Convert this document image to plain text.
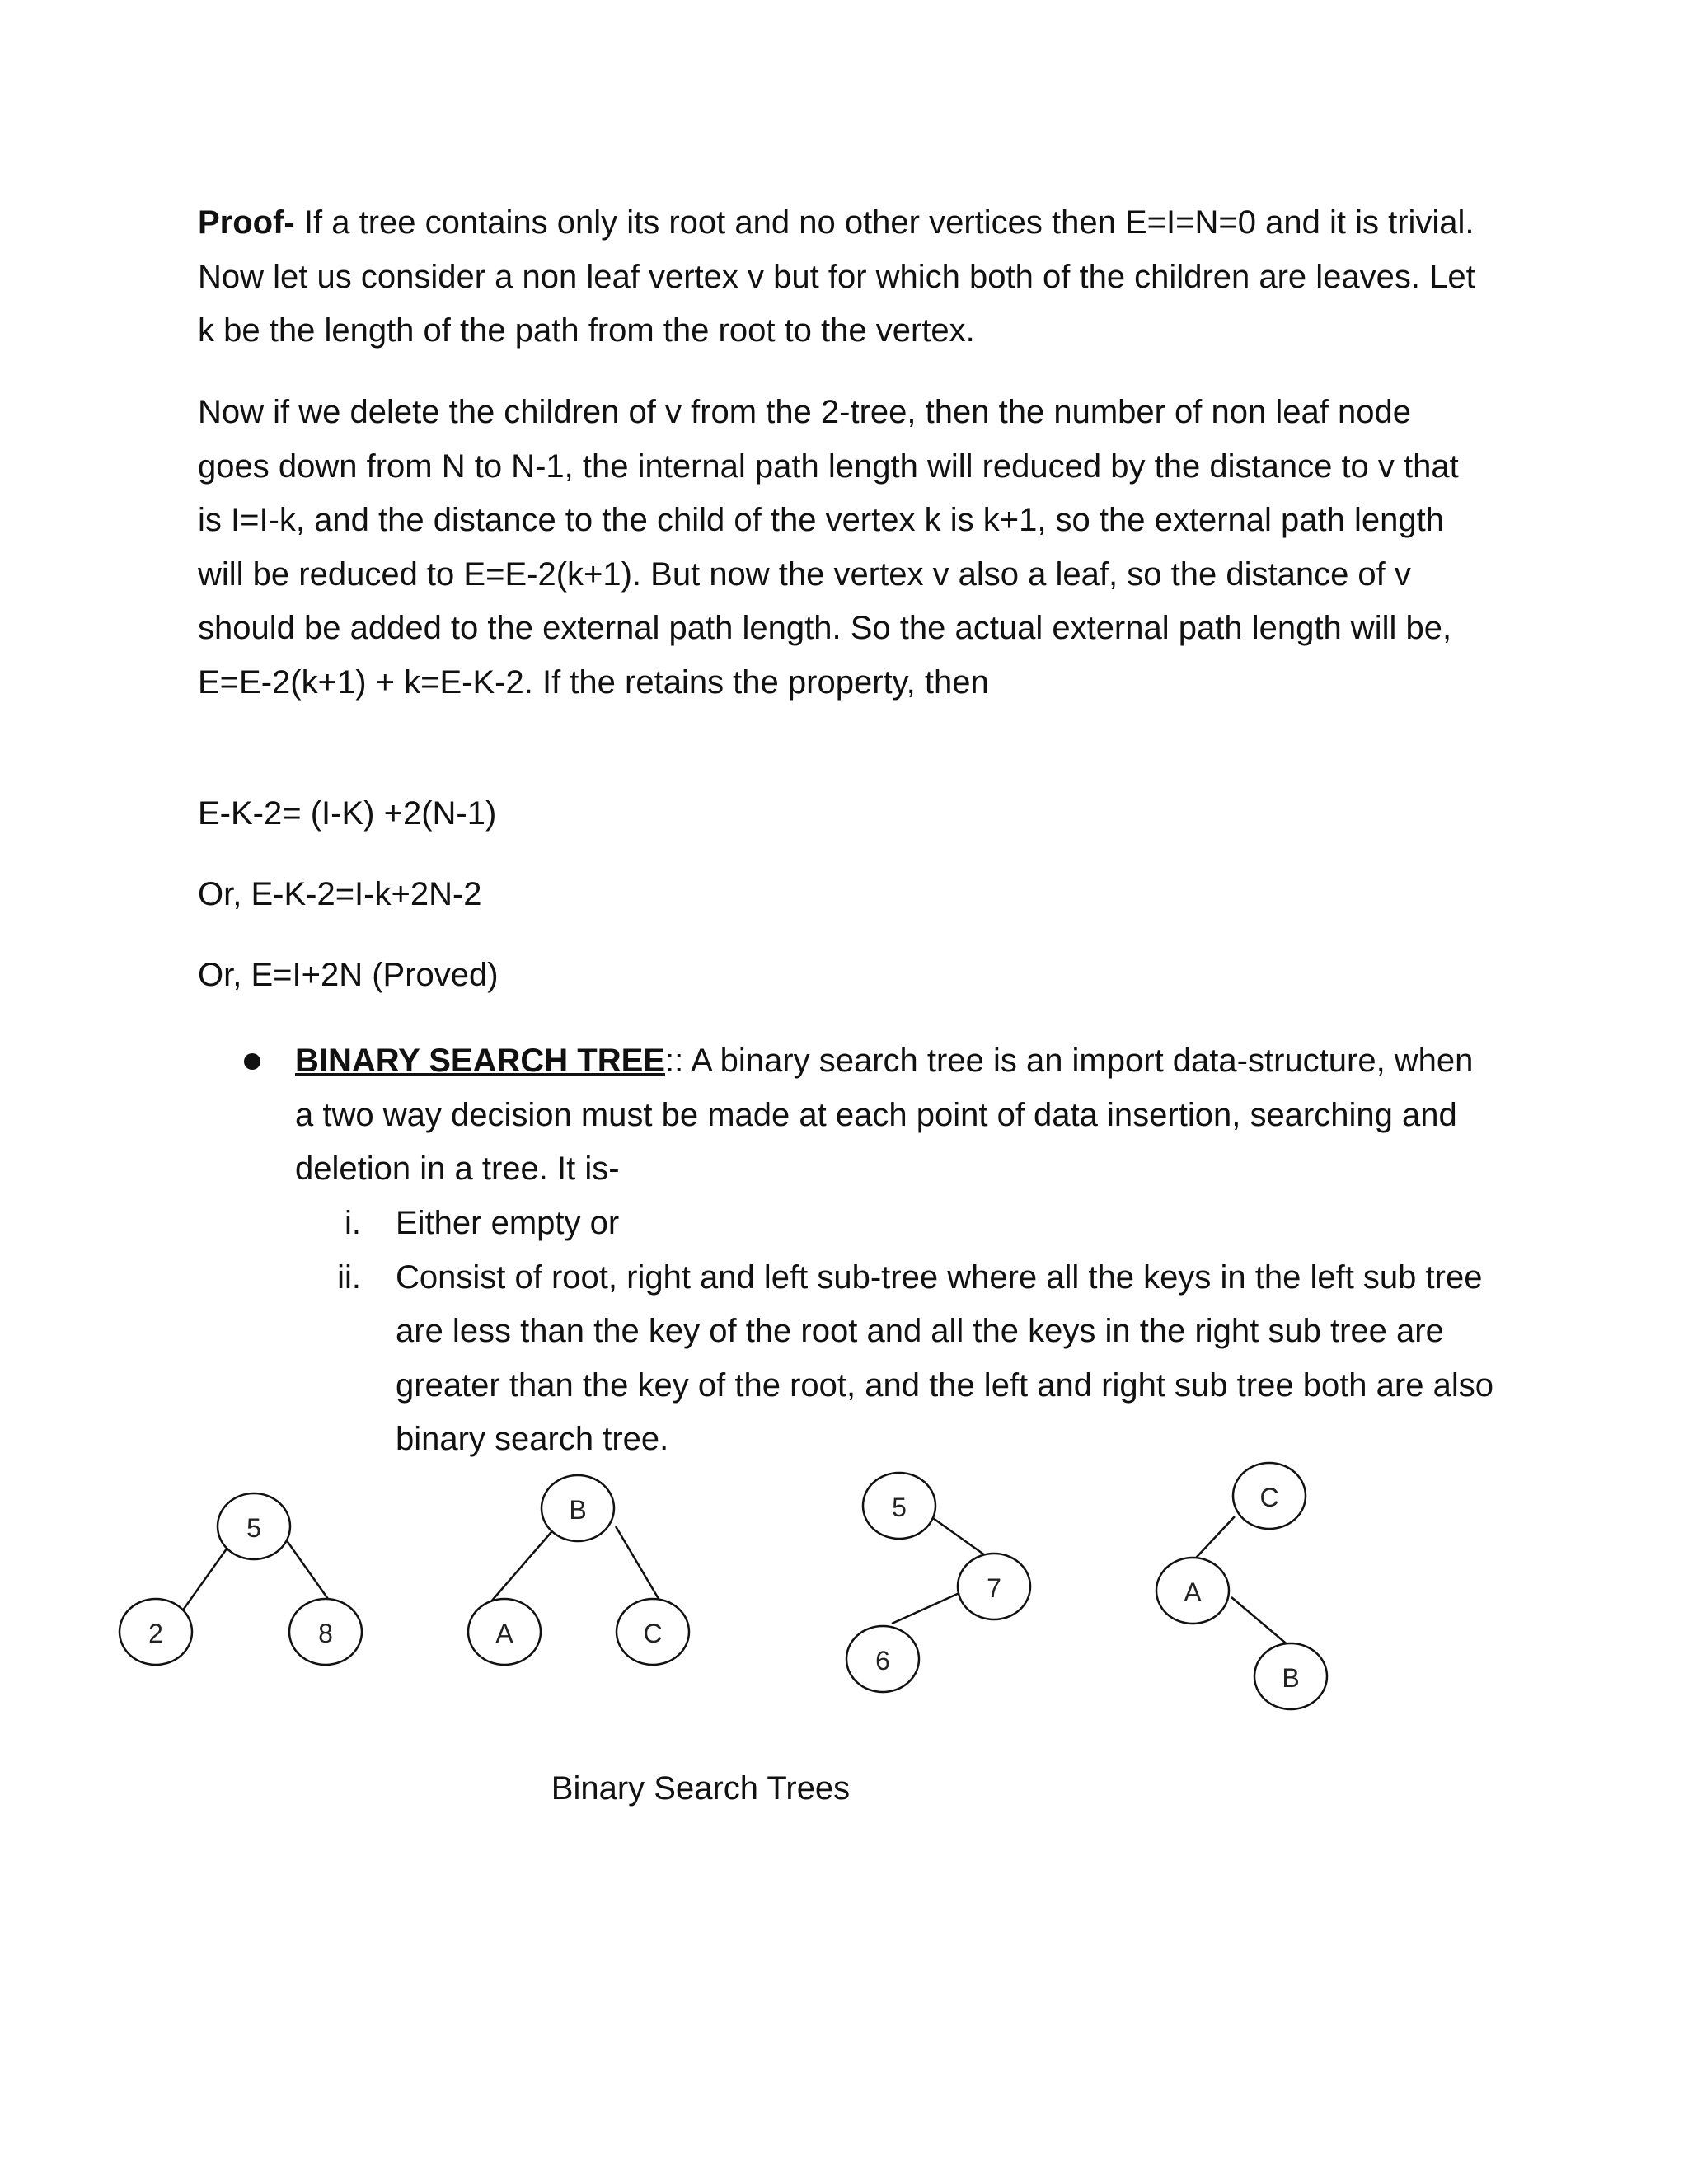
Proof- If a tree contains only its root and no other vertices then E=I=N=0 and it is trivial. Now let us consider a non leaf vertex v but for which both of the children are leaves. Let k be the length of the path from the root to the vertex.

Now if we delete the children of v from the 2-tree, then the number of non leaf node goes down from N to N-1, the internal path length will reduced by the distance to v that is I=I-k, and the distance to the child of the vertex k is k+1, so the external path length will be reduced to E=E-2(k+1). But now the vertex v also a leaf, so the distance of v should be added to the external path length. So the actual external path length will be, E=E-2(k+1) + k=E-K-2. If the retains the property, then

E-K-2= (I-K) +2(N-1)

Or, E-K-2=I-k+2N-2

Or, E=I+2N (Proved)

BINARY SEARCH TREE:: A binary search tree is an import data-structure, when a two way decision must be made at each point of data insertion, searching and deletion in a tree. It is-
i. Either empty or
ii. Consist of root, right and left sub-tree where all the keys in the left sub tree are less than the key of the root and all the keys in the right sub tree are greater than the key of the root, and the left and right sub tree both are also binary search tree.
5
2	8
B
A	C
5
7
6
C
A
B
Binary Search Trees
